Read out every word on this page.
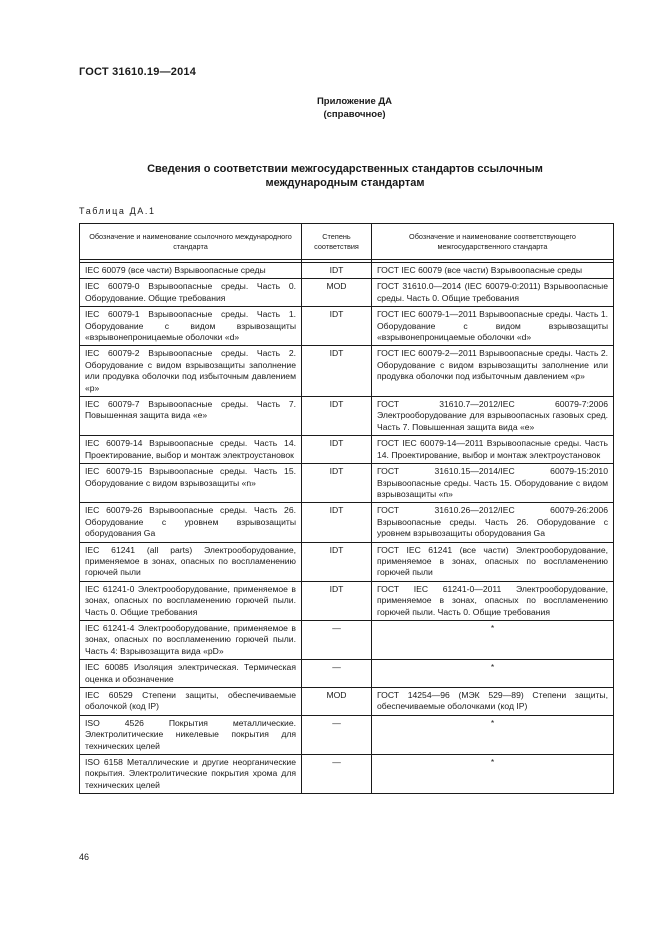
ГОСТ 31610.19—2014
Приложение ДА
(справочное)
Сведения о соответствии межгосударственных стандартов ссылочным
международным стандартам
Таблица ДА.1
Обозначение и наименование ссылочного международного стандарта	Степень соответствия	Обозначение и наименование соответствующего межгосударственного стандарта

IEC 60079 (все части) Взрывоопасные среды	IDT	ГОСТ IEC 60079 (все части) Взрывоопасные среды
IEC 60079-0 Взрывоопасные среды. Часть 0. Оборудование. Общие требования	MOD	ГОСТ 31610.0—2014 (IEC 60079-0:2011) Взрывоопасные среды. Часть 0. Общие требования
IEC 60079-1 Взрывоопасные среды. Часть 1. Оборудование с видом взрывозащиты «взрывонепроницаемые оболочки «d»	IDT	ГОСТ IEC 60079-1—2011 Взрывоопасные среды. Часть 1. Оборудование с видом взрывозащиты «взрывонепроницаемые оболочки «d»
IEC 60079-2 Взрывоопасные среды. Часть 2. Оборудование с видом взрывозащиты заполнение или продувка оболочки под избыточным давлением «р»	IDT	ГОСТ IEC 60079-2—2011 Взрывоопасные среды. Часть 2. Оборудование с видом взрывозащиты заполнение или продувка оболочки под избыточным давлением «р»
IEC 60079-7 Взрывоопасные среды. Часть 7. Повышенная защита вида «е»	IDT	ГОСТ 31610.7—2012/IEC 60079-7:2006 Электрооборудование для взрывоопасных газовых сред. Часть 7. Повышенная защита вида «е»
IEC 60079-14 Взрывоопасные среды. Часть 14. Проектирование, выбор и монтаж электроустановок	IDT	ГОСТ IEC 60079-14—2011 Взрывоопасные среды. Часть 14. Проектирование, выбор и монтаж электроустановок
IEC 60079-15 Взрывоопасные среды. Часть 15. Оборудование с видом взрывозащиты «n»	IDT	ГОСТ 31610.15—2014/IEC 60079-15:2010 Взрывоопасные среды. Часть 15. Оборудование с видом взрывозащиты «n»
IEC 60079-26 Взрывоопасные среды. Часть 26. Оборудование с уровнем взрывозащиты оборудования Ga	IDT	ГОСТ 31610.26—2012/IEC 60079-26:2006 Взрывоопасные среды. Часть 26. Оборудование с уровнем взрывозащиты оборудования Ga
IEC 61241 (all parts) Электрооборудование, применяемое в зонах, опасных по воспламенению горючей пыли	IDT	ГОСТ IEC 61241 (все части) Электрооборудование, применяемое в зонах, опасных по воспламенению горючей пыли
IEC 61241-0 Электрооборудование, применяемое в зонах, опасных по воспламенению горючей пыли. Часть 0. Общие требования	IDT	ГОСТ IEC 61241-0—2011 Электрооборудование, применяемое в зонах, опасных по воспламенению горючей пыли. Часть 0. Общие требования
IEC 61241-4 Электрооборудование, применяемое в зонах, опасных по воспламенению горючей пыли. Часть 4: Взрывозащита вида «pD»	—	*
IEC 60085 Изоляция электрическая. Термическая оценка и обозначение	—	*
IEC 60529 Степени защиты, обеспечиваемые оболочкой (код IP)	MOD	ГОСТ 14254—96 (МЭК 529—89) Степени защиты, обеспечиваемые оболочками (код IP)
ISO 4526 Покрытия металлические. Электролитические никелевые покрытия для технических целей	—	*
ISO 6158 Металлические и другие неорганические покрытия. Электролитические покрытия хрома для технических целей	—	*
46
